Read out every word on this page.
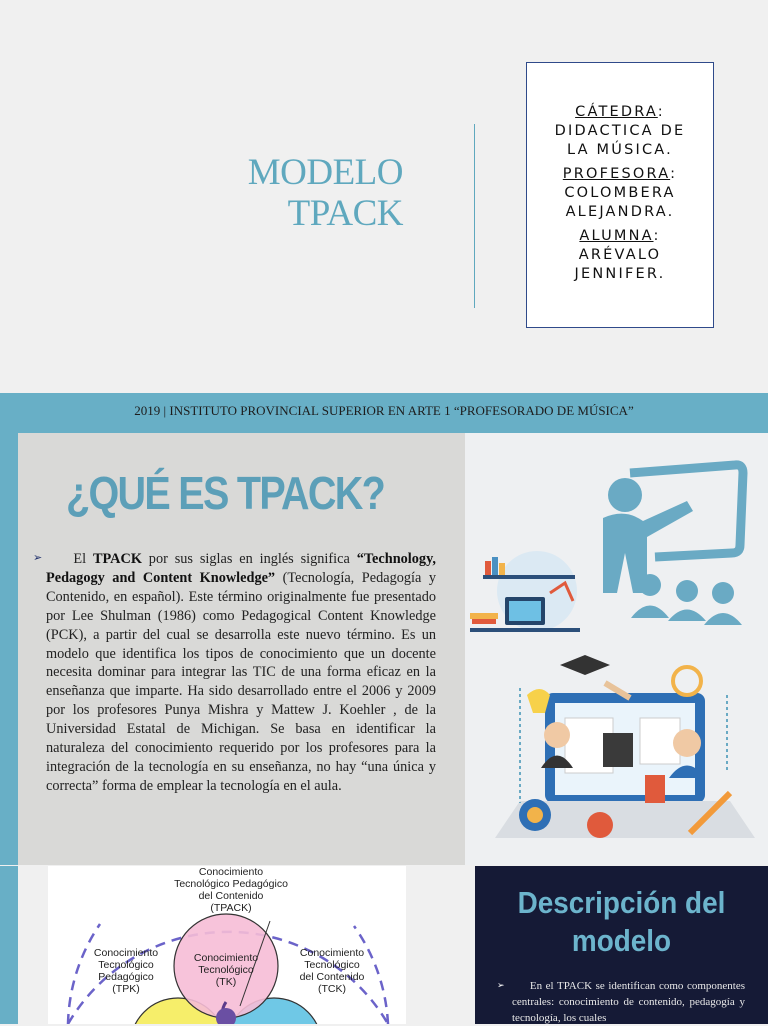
MODELO
TPACK
CÁTEDRA:
DIDACTICA DE
LA MÚSICA.
PROFESORA:
COLOMBERA
ALEJANDRA.
ALUMNA:
ARÉVALO
JENNIFER.
2019 | INSTITUTO PROVINCIAL SUPERIOR EN ARTE 1 “PROFESORADO DE MÚSICA”
¿QUÉ ES TPACK?
➢	El TPACK por sus siglas en inglés significa “Technology, Pedagogy and Content Knowledge” (Tecnología, Pedagogía y Contenido, en español). Este término originalmente fue presentado por Lee Shulman (1986) como Pedagogical Content Knowledge (PCK), a partir del cual se desarrolla este nuevo término. Es un modelo que identifica los tipos de conocimiento que un docente necesita dominar para integrar las TIC de una forma eficaz en la enseñanza que imparte. Ha sido desarrollado entre el 2006 y 2009 por los profesores Punya Mishra y Mattew J. Koehler , de la Universidad Estatal de Michigan. Se basa en identificar la naturaleza del conocimiento requerido por los profesores para la integración de la tecnología en su enseñanza, no hay “una única y correcta” forma de emplear la tecnología en el aula.
Conocimiento
Tecnológico Pedagógico
del Contenido
(TPACK)
Conocimiento
Tecnológico
Pedagógico
(TPK)
Conocimiento
Tecnológico
(TK)
Conocimiento
Tecnológico
del Contenido
(TCK)
Descripción del
modelo
➢	En el TPACK se identifican como componentes centrales: conocimiento de contenido, pedagogía y tecnología, los cuales
